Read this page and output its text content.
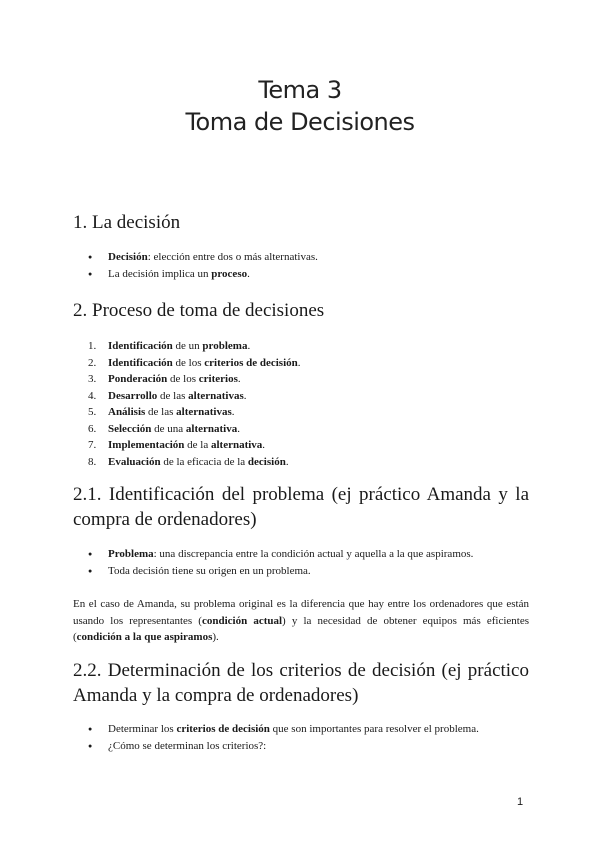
Tema 3
Toma de Decisiones
1. La decisión
● Decisión: elección entre dos o más alternativas.
● La decisión implica un proceso.
2. Proceso de toma de decisiones
1.	Identificación de un problema.
2.	Identificación de los criterios de decisión.
3.	Ponderación de los criterios.
4.	Desarrollo de las alternativas.
5.	Análisis de las alternativas.
6.	Selección de una alternativa.
7.	Implementación de la alternativa.
8.	Evaluación de la eficacia de la decisión.
2.1. Identificación del problema (ej práctico Amanda y la compra de ordenadores)
● Problema: una discrepancia entre la condición actual y aquella a la que aspiramos.
● Toda decisión tiene su origen en un problema.

En el caso de Amanda, su problema original es la diferencia que hay entre los ordenadores que están usando los representantes (condición actual) y la necesidad de obtener equipos más eficientes (condición a la que aspiramos).

2.2. Determinación de los criterios de decisión (ej práctico Amanda y la compra de ordenadores)
● Determinar los criterios de decisión que son importantes para resolver el problema.
● ¿Cómo se determinan los criterios?:
1
